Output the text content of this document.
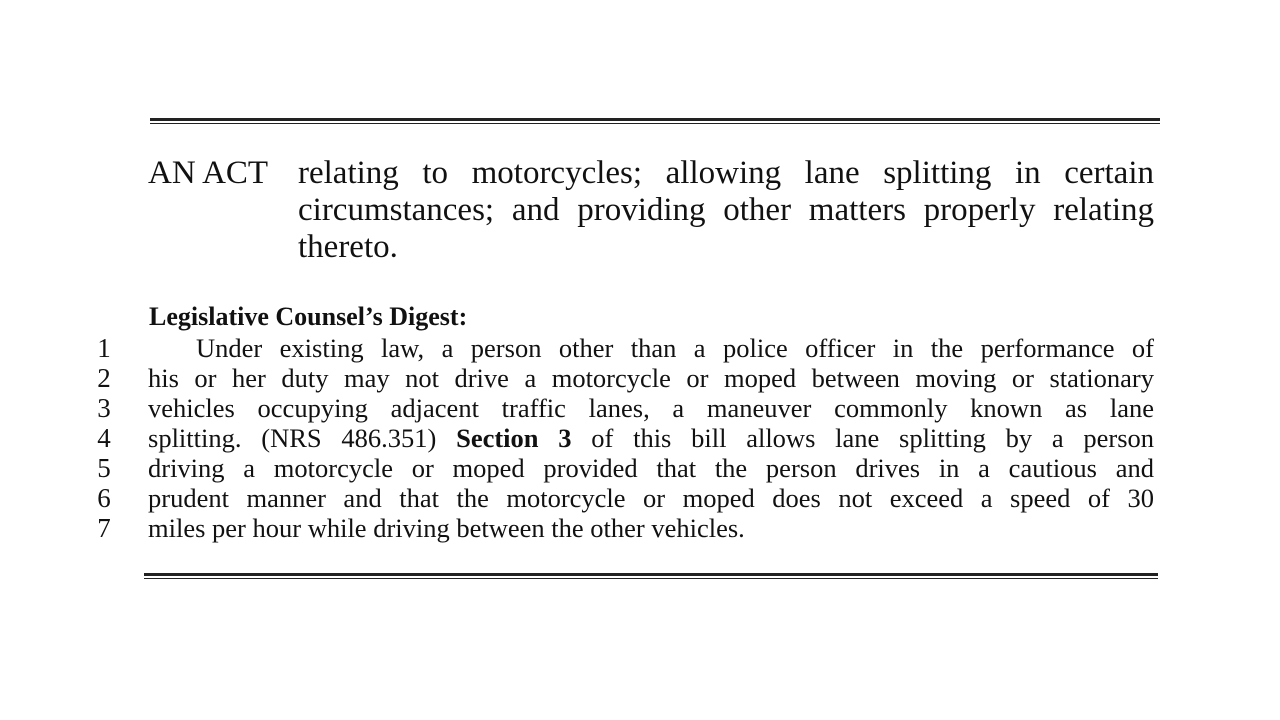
AN ACT relating to motorcycles; allowing lane splitting in certain circumstances; and providing other matters properly relating thereto.
Legislative Counsel’s Digest:
1
2
3
4
5
6
7
Under existing law, a person other than a police officer in the performance of
his or her duty may not drive a motorcycle or moped between moving or stationary
vehicles occupying adjacent traffic lanes, a maneuver commonly known as lane
splitting. (NRS 486.351) Section 3 of this bill allows lane splitting by a person
driving a motorcycle or moped provided that the person drives in a cautious and
prudent manner and that the motorcycle or moped does not exceed a speed of 30
miles per hour while driving between the other vehicles.
